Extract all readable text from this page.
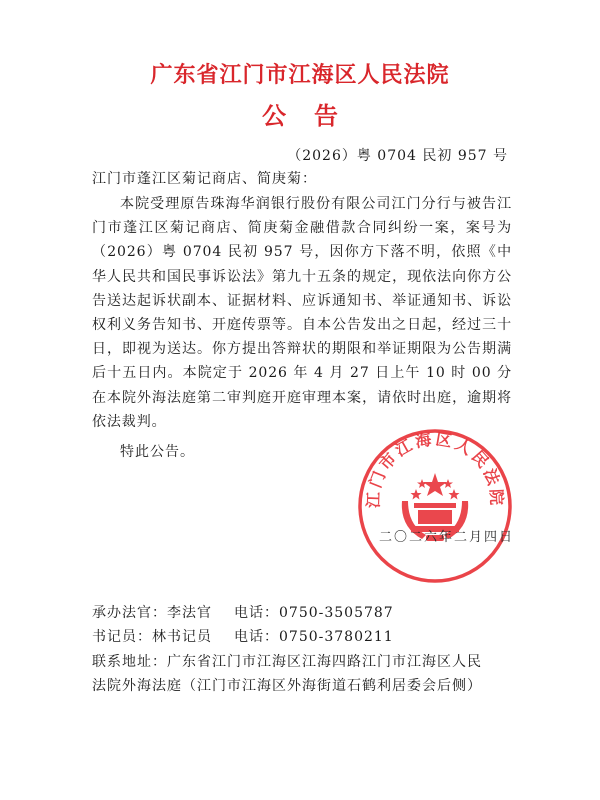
广东省江门市江海区人民法院
公告
（2026）粤 0704 民初 957 号
江门市蓬江区菊记商店、简庚菊：

本院受理原告珠海华润银行股份有限公司江门分行与被告江门市蓬江区菊记商店、简庚菊金融借款合同纠纷一案，案号为（2026）粤 0704 民初 957 号，因你方下落不明，依照《中华人民共和国民事诉讼法》第九十五条的规定，现依法向你方公告送达起诉状副本、证据材料、应诉通知书、举证通知书、诉讼权利义务告知书、开庭传票等。自本公告发出之日起，经过三十日，即视为送达。你方提出答辩状的期限和举证期限为公告期满后十五日内。本院定于 2026 年 4 月 27 日上午 10 时 00 分在本院外海法庭第二审判庭开庭审理本案，请依时出庭，逾期将依法裁判。

特此公告。
江门市江海区人民法院
二〇二六年二月四日
承办法官：李法官 电话：0750-3505787
书记员：林书记员 电话：0750-3780211
联系地址：广东省江门市江海区江海四路江门市江海区人民
法院外海法庭（江门市江海区外海街道石鹤利居委会后侧）
